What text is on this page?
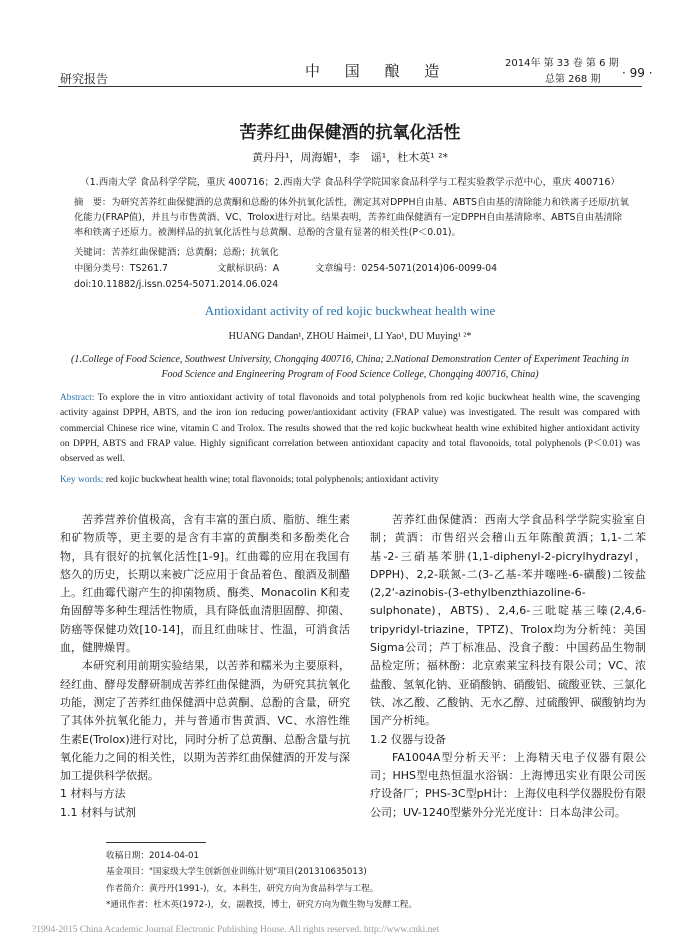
研究报告	中 国 酿 造	2014年 第 33 卷 第 6 期
总第 268 期 · 99 ·
苦荞红曲保健酒的抗氧化活性
黄丹丹¹，周海媚¹，李　谣¹，杜木英¹ ²*
（1.西南大学 食品科学学院，重庆 400716；2.西南大学 食品科学学院国家食品科学与工程实验教学示范中心，重庆 400716）
摘　要：为研究苦荞红曲保健酒的总黄酮和总酚的体外抗氧化活性，测定其对DPPH自由基、ABTS自由基的清除能力和铁离子还原/抗氧化能力(FRAP值)，并且与市售黄酒、VC、Trolox进行对比。结果表明，苦荞红曲保健酒有一定DPPH自由基清除率、ABTS自由基清除率和铁离子还原力。被测样品的抗氧化活性与总黄酮、总酚的含量有显著的相关性(P＜0.01)。
关键词：苦荞红曲保健酒；总黄酮；总酚；抗氧化
中图分类号：TS261.7	文献标识码：A	文章编号：0254-5071(2014)06-0099-04
doi:10.11882/j.issn.0254-5071.2014.06.024
Antioxidant activity of red kojic buckwheat health wine
HUANG Dandan¹, ZHOU Haimei¹, LI Yao¹, DU Muying¹ ²*
(1.College of Food Science, Southwest University, Chongqing 400716, China; 2.National Demonstration Center of Experiment Teaching in Food Science and Engineering Program of Food Science College, Chongqing 400716, China)
Abstract: To explore the in vitro antioxidant activity of total flavonoids and total polyphenols from red kojic buckwheat health wine, the scavenging activity against DPPH, ABTS, and the iron ion reducing power/antioxidant activity (FRAP value) was investigated. The result was compared with commercial Chinese rice wine, vitamin C and Trolox. The results showed that the red kojic buckwheat health wine exhibited higher antioxidant activity on DPPH, ABTS and FRAP value. Highly significant correlation between antioxidant capacity and total flavonoids, total polyphenols (P＜0.01) was observed as well.
Key words: red kojic buckwheat health wine; total flavonoids; total polyphenols; antioxidant activity

苦荞营养价值极高，含有丰富的蛋白质、脂肪、维生素和矿物质等，更主要的是含有丰富的黄酮类和多酚类化合物，具有很好的抗氧化活性[1-9]。红曲霉的应用在我国有悠久的历史，长期以来被广泛应用于食品着色、酿酒及制醋上。红曲霉代谢产生的抑菌物质、酶类、Monacolin K和麦角固醇等多种生理活性物质，具有降低血清胆固醇、抑菌、防癌等保健功效[10-14]，而且红曲味甘、性温，可消食活血，健脾燥胃。

本研究利用前期实验结果，以苦荞和糯米为主要原料，经红曲、酵母发酵研制成苦荞红曲保健酒，为研究其抗氧化功能，测定了苦荞红曲保健酒中总黄酮、总酚的含量，研究了其体外抗氧化能力，并与普通市售黄酒、VC、水溶性维生素E(Trolox)进行对比，同时分析了总黄酮、总酚含量与抗氧化能力之间的相关性，以期为苦荞红曲保健酒的开发与深加工提供科学依据。

1 材料与方法

1.1 材料与试剂

苦荞红曲保健酒：西南大学食品科学学院实验室自制；黄酒：市售绍兴会稽山五年陈酿黄酒；1,1-二苯基-2-三硝基苯肼(1,1-diphenyl-2-picrylhydrazyl，DPPH)、2,2-联氮-二(3-乙基-苯并噻唑-6-磺酸)二铵盐(2,2'-azinobis-(3-ethylbenzthiazoline-6-sulphonate)，ABTS)、2,4,6-三吡啶基三嗪(2,4,6-tripyridyl-triazine，TPTZ)、Trolox均为分析纯：美国Sigma公司；芦丁标准品、没食子酸：中国药品生物制品检定所；福林酚：北京索莱宝科技有限公司；VC、浓盐酸、氢氧化钠、亚硝酸钠、硝酸铝、硫酸亚铁、三氯化铁、冰乙酸、乙酸钠、无水乙醇、过硫酸钾、碳酸钠均为国产分析纯。

1.2 仪器与设备

FA1004A型分析天平：上海精天电子仪器有限公司；HHS型电热恒温水浴锅：上海博迅实业有限公司医疗设备厂；PHS-3C型pH计：上海仪电科学仪器股份有限公司；UV-1240型紫外分光光度计：日本岛津公司。

收稿日期：2014-04-01
基金项目："国家级大学生创新创业训练计划"项目(201310635013)
作者简介：黄丹丹(1991-)，女，本科生，研究方向为食品科学与工程。
*通讯作者：杜木英(1972-)，女，副教授，博士，研究方向为微生物与发酵工程。
?1994-2015 China Academic Journal Electronic Publishing House. All rights reserved. http://www.cnki.net
